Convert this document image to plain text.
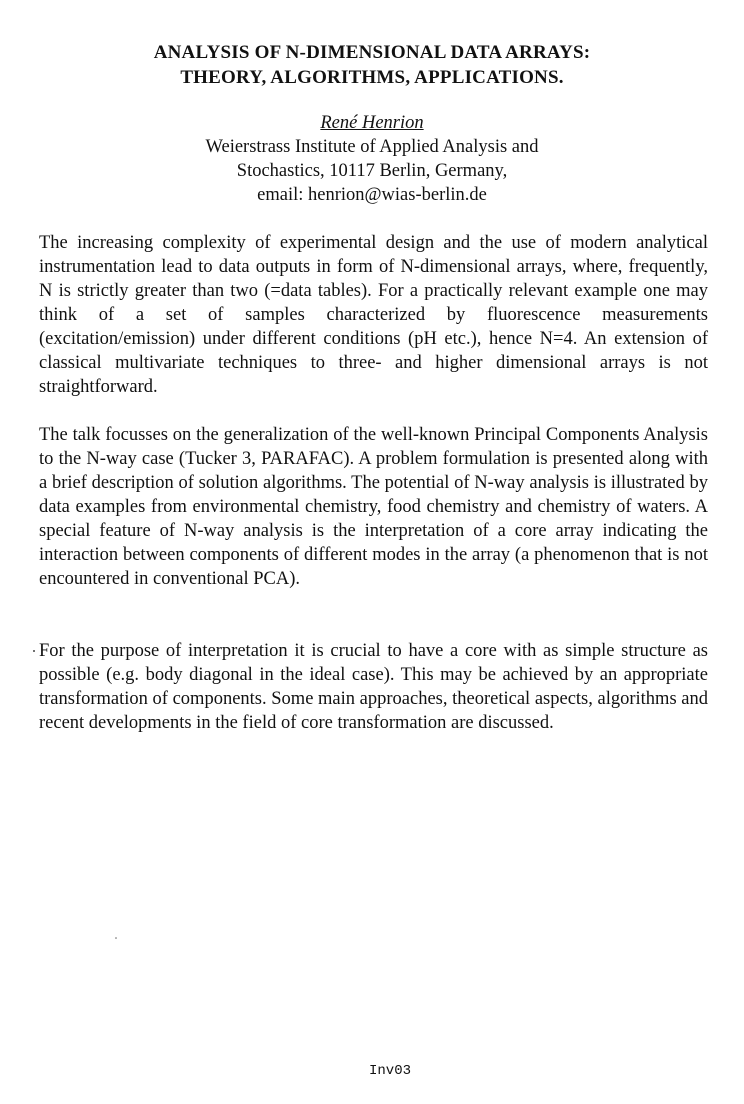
ANALYSIS OF N-DIMENSIONAL DATA ARRAYS:
THEORY, ALGORITHMS, APPLICATIONS.
René Henrion
Weierstrass Institute of Applied Analysis and
Stochastics, 10117 Berlin, Germany,
email: henrion@wias-berlin.de
The increasing complexity of experimental design and the use of modern analytical instrumentation lead to data outputs in form of N-dimensional arrays, where, frequently, N is strictly greater than two (=data tables). For a practically relevant example one may think of a set of samples characterized by fluorescence measurements (excitation/emission) under different conditions (pH etc.), hence N=4. An extension of classical multivariate techniques to three- and higher dimensional arrays is not straightforward.
The talk focusses on the generalization of the well-known Principal Components Analysis to the N-way case (Tucker 3, PARAFAC). A problem formulation is presented along with a brief description of solution algorithms. The potential of N-way analysis is illustrated by data examples from environmental chemistry, food chemistry and chemistry of waters. A special feature of N-way analysis is the interpretation of a core array indicating the interaction between components of different modes in the array (a phenomenon that is not encountered in conventional PCA).
For the purpose of interpretation it is crucial to have a core with as simple structure as possible (e.g. body diagonal in the ideal case). This may be achieved by an appropriate transformation of components. Some main approaches, theoretical aspects, algorithms and recent developments in the field of core transformation are discussed.
Inv03
